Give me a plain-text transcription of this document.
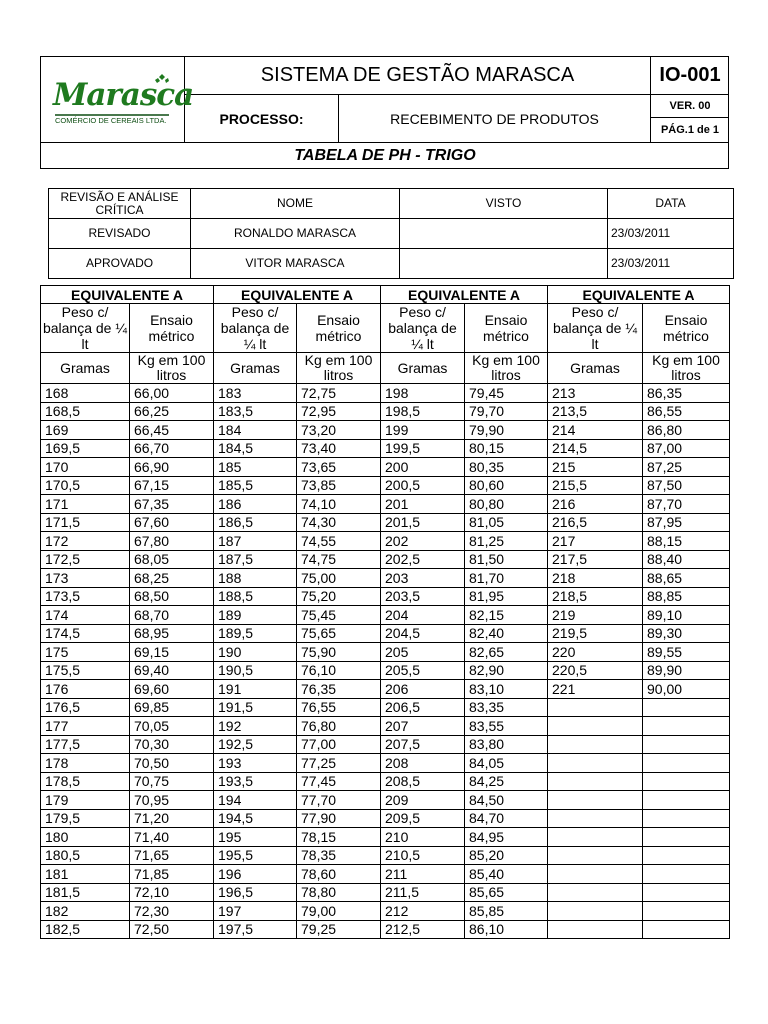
Marasca
COMÉRCIO DE CEREAIS LTDA.
SISTEMA DE GESTÃO MARASCA	IO-001
PROCESSO:	RECEBIMENTO DE PRODUTOS
VER. 00
PÁG.1 de 1
TABELA DE PH - TRIGO
REVISÃO E ANÁLISE CRÍTICA	NOME	VISTO	DATA
REVISADO	RONALDO MARASCA		23/03/2011
APROVADO	VITOR MARASCA		23/03/2011
EQUIVALENTE A		EQUIVALENTE A		EQUIVALENTE A		EQUIVALENTE A	
Peso c/ balança de ¼ lt	Ensaio métrico	Peso c/ balança de ¼ lt	Ensaio métrico	Peso c/ balança de ¼ lt	Ensaio métrico	Peso c/ balança de ¼ lt	Ensaio métrico
Gramas	Kg em 100 litros	Gramas	Kg em 100 litros	Gramas	Kg em 100 litros	Gramas	Kg em 100 litros
168	66,00	183	72,75	198	79,45	213	86,35
168,5	66,25	183,5	72,95	198,5	79,70	213,5	86,55
169	66,45	184	73,20	199	79,90	214	86,80
169,5	66,70	184,5	73,40	199,5	80,15	214,5	87,00
170	66,90	185	73,65	200	80,35	215	87,25
170,5	67,15	185,5	73,85	200,5	80,60	215,5	87,50
171	67,35	186	74,10	201	80,80	216	87,70
171,5	67,60	186,5	74,30	201,5	81,05	216,5	87,95
172	67,80	187	74,55	202	81,25	217	88,15
172,5	68,05	187,5	74,75	202,5	81,50	217,5	88,40
173	68,25	188	75,00	203	81,70	218	88,65
173,5	68,50	188,5	75,20	203,5	81,95	218,5	88,85
174	68,70	189	75,45	204	82,15	219	89,10
174,5	68,95	189,5	75,65	204,5	82,40	219,5	89,30
175	69,15	190	75,90	205	82,65	220	89,55
175,5	69,40	190,5	76,10	205,5	82,90	220,5	89,90
176	69,60	191	76,35	206	83,10	221	90,00
176,5	69,85	191,5	76,55	206,5	83,35		
177	70,05	192	76,80	207	83,55		
177,5	70,30	192,5	77,00	207,5	83,80		
178	70,50	193	77,25	208	84,05		
178,5	70,75	193,5	77,45	208,5	84,25		
179	70,95	194	77,70	209	84,50		
179,5	71,20	194,5	77,90	209,5	84,70		
180	71,40	195	78,15	210	84,95		
180,5	71,65	195,5	78,35	210,5	85,20		
181	71,85	196	78,60	211	85,40		
181,5	72,10	196,5	78,80	211,5	85,65		
182	72,30	197	79,00	212	85,85		
182,5	72,50	197,5	79,25	212,5	86,10		
